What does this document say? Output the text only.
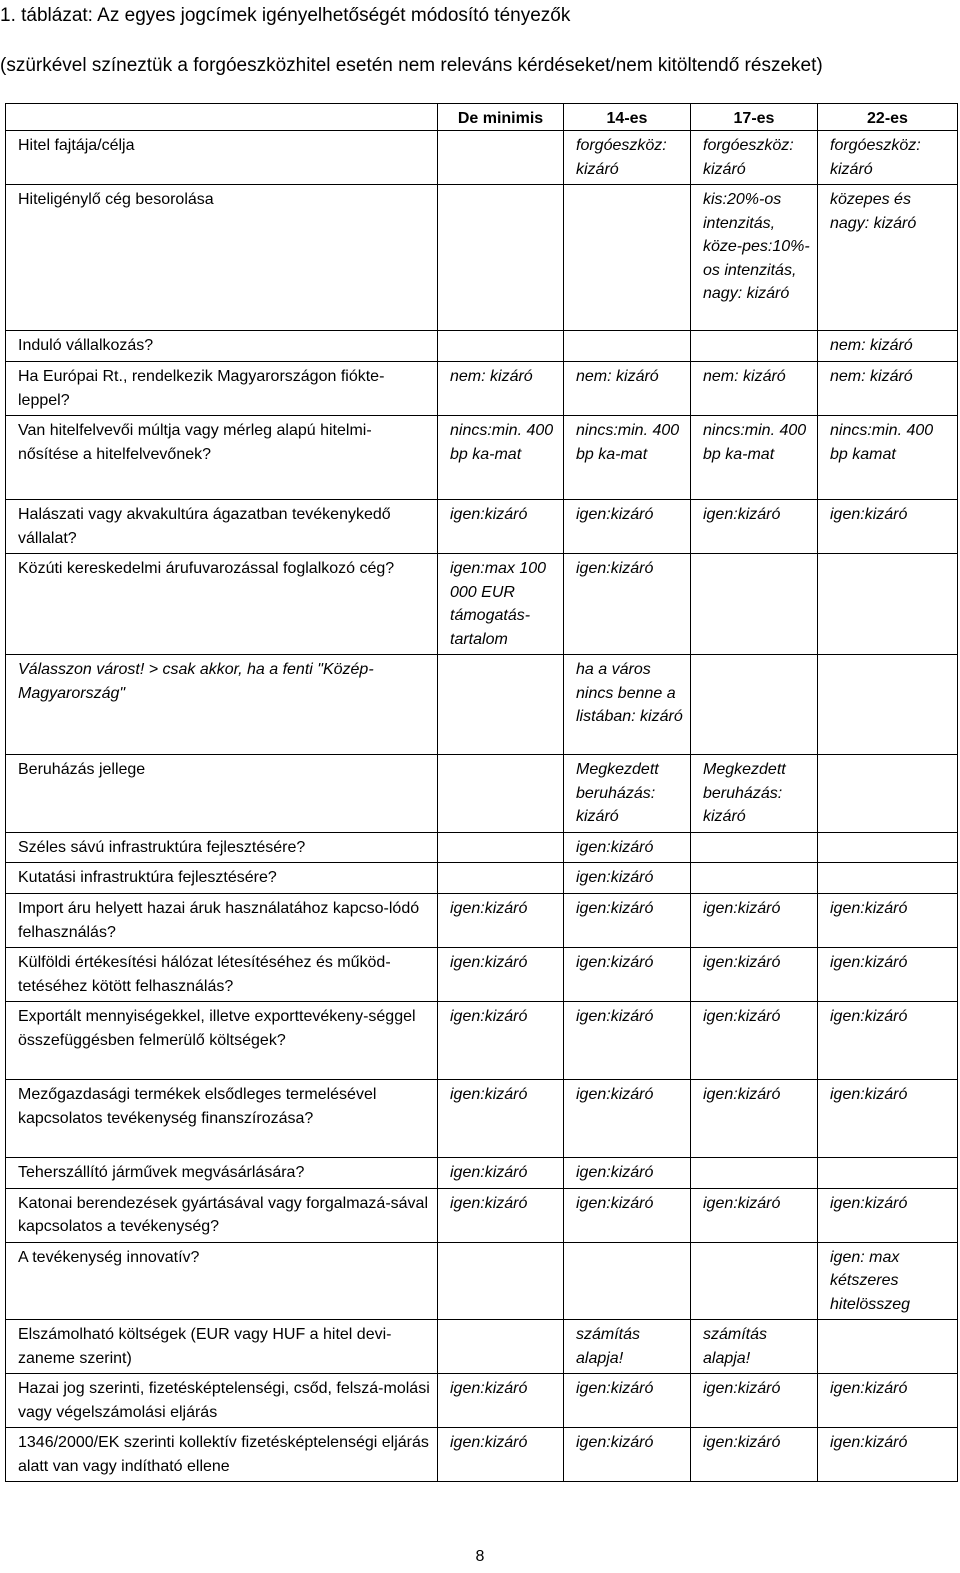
1. táblázat: Az egyes jogcímek igényelhetőségét módosító tényezők
(szürkével színeztük a forgóeszközhitel esetén nem releváns kérdéseket/nem kitöltendő részeket)
	De minimis	14-es	17-es	22-es
Hitel fajtája/célja		forgóeszköz: kizáró	forgóeszköz: kizáró	forgóeszköz: kizáró
Hiteligénylő cég besorolása			kis:20%-os intenzitás, köze-pes:10%-os intenzitás, nagy: kizáró	közepes és nagy: kizáró
Induló vállalkozás?				nem: kizáró
Ha Európai Rt., rendelkezik Magyarországon fiókte-leppel?	nem: kizáró	nem: kizáró	nem: kizáró	nem: kizáró
Van hitelfelvevői múltja vagy mérleg alapú hitelmi-nősítése a hitelfelvevőnek?	nincs:min. 400 bp ka-mat	nincs:min. 400 bp ka-mat	nincs:min. 400 bp ka-mat	nincs:min. 400 bp kamat
Halászati vagy akvakultúra ágazatban tevékenykedő vállalat?	igen:kizáró	igen:kizáró	igen:kizáró	igen:kizáró
Közúti kereskedelmi árufuvarozással foglalkozó cég?	igen:max 100 000 EUR támogatás-tartalom	igen:kizáró		
Válasszon várost! > csak akkor, ha a fenti "Közép-Magyarország"		ha a város nincs benne a listában: kizáró		
Beruházás jellege		Megkezdett beruházás: kizáró	Megkezdett beruházás: kizáró	
Széles sávú infrastruktúra fejlesztésére?		igen:kizáró		
Kutatási infrastruktúra fejlesztésére?		igen:kizáró		
Import áru helyett hazai áruk használatához kapcso-lódó felhasználás?	igen:kizáró	igen:kizáró	igen:kizáró	igen:kizáró
Külföldi értékesítési hálózat létesítéséhez és működ-tetéséhez kötött felhasználás?	igen:kizáró	igen:kizáró	igen:kizáró	igen:kizáró
Exportált mennyiségekkel, illetve exporttevékeny-séggel összefüggésben felmerülő költségek?	igen:kizáró	igen:kizáró	igen:kizáró	igen:kizáró
Mezőgazdasági termékek elsődleges termelésével kapcsolatos tevékenység finanszírozása?	igen:kizáró	igen:kizáró	igen:kizáró	igen:kizáró
Teherszállító járművek megvásárlására?	igen:kizáró	igen:kizáró		
Katonai berendezések gyártásával vagy forgalmazá-sával kapcsolatos a tevékenység?	igen:kizáró	igen:kizáró	igen:kizáró	igen:kizáró
A tevékenység innovatív?				igen: max kétszeres hitelösszeg
Elszámolható költségek (EUR vagy HUF a hitel devi-zaneme szerint)		számítás alapja!	számítás alapja!	
Hazai jog szerinti, fizetésképtelenségi, csőd, felszá-molási vagy végelszámolási eljárás	igen:kizáró	igen:kizáró	igen:kizáró	igen:kizáró
1346/2000/EK szerinti kollektív fizetésképtelenségi eljárás alatt van vagy indítható ellene	igen:kizáró	igen:kizáró	igen:kizáró	igen:kizáró
8
